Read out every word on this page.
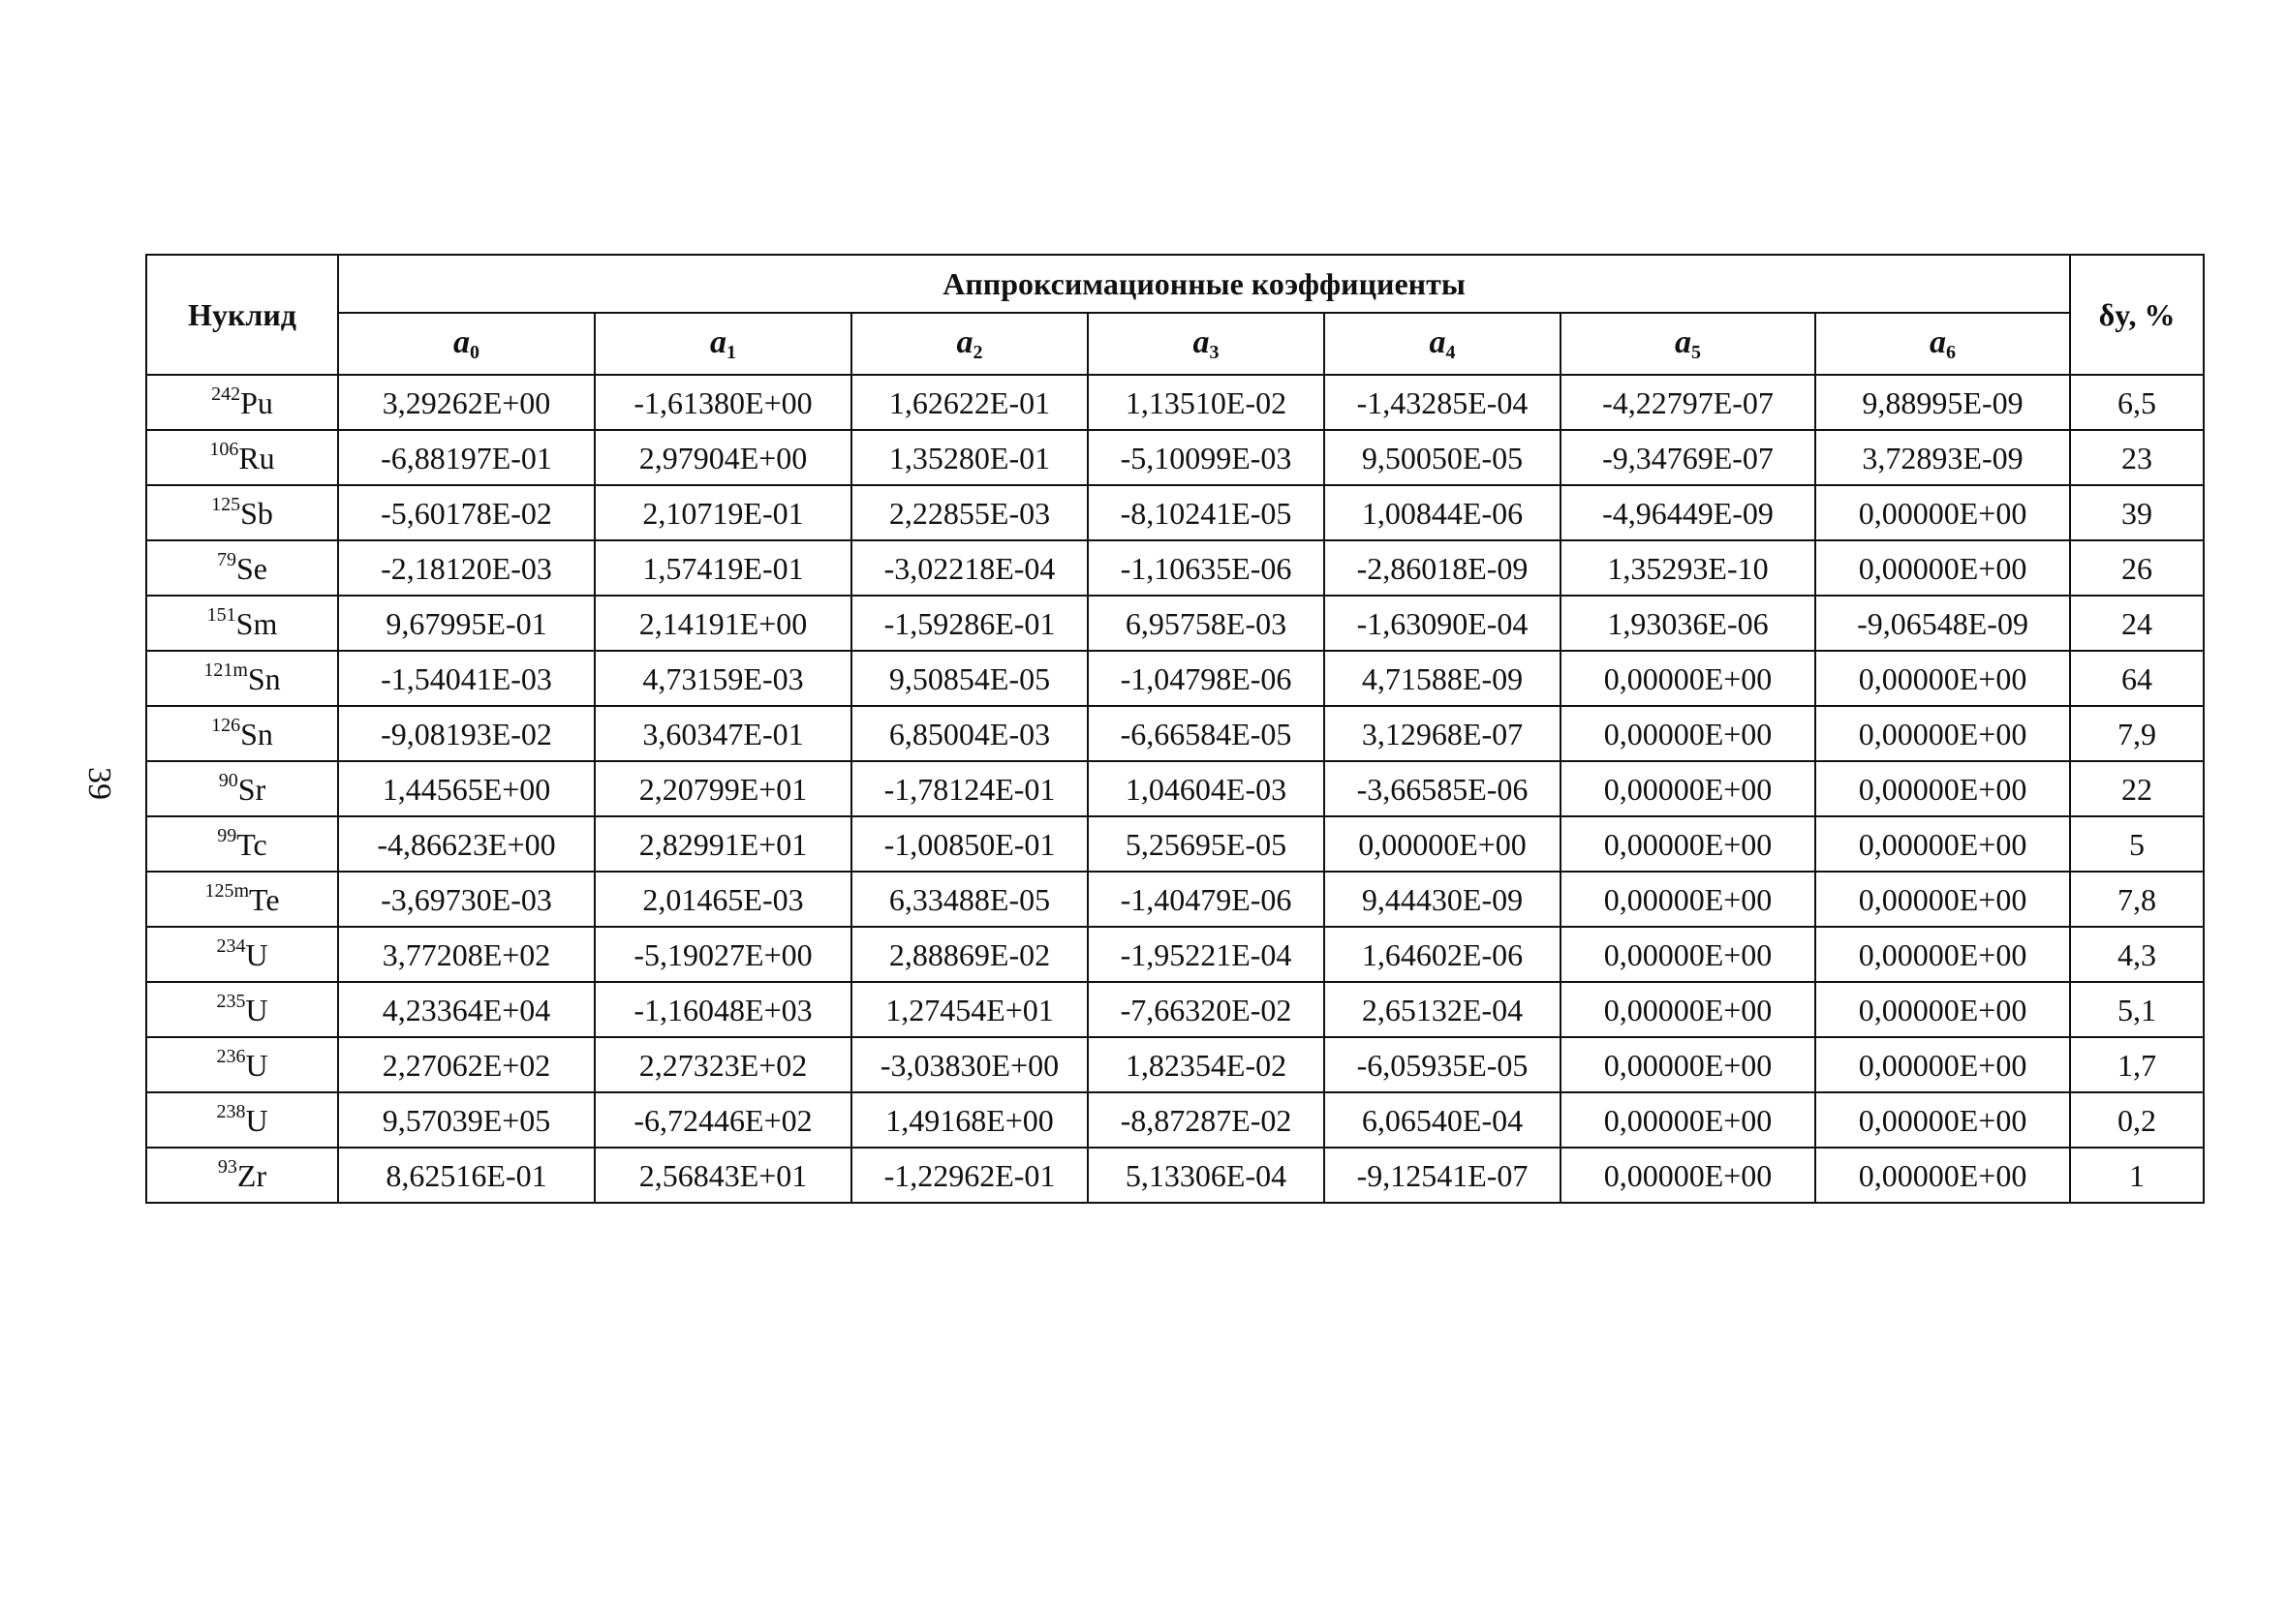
39
Нуклид	Аппроксимационные коэффициенты							δy, %
	$a_0$	$a_1$	$a_2$	$a_3$	$a_4$	$a_5$	$a_6$
$^{242}$Pu	3,29262E+00	-1,61380E+00	1,62622E-01	1,13510E-02	-1,43285E-04	-4,22797E-07	9,88995E-09	6,5
$^{106}$Ru	-6,88197E-01	2,97904E+00	1,35280E-01	-5,10099E-03	9,50050E-05	-9,34769E-07	3,72893E-09	23
$^{125}$Sb	-5,60178E-02	2,10719E-01	2,22855E-03	-8,10241E-05	1,00844E-06	-4,96449E-09	0,00000E+00	39
$^{79}$Se	-2,18120E-03	1,57419E-01	-3,02218E-04	-1,10635E-06	-2,86018E-09	1,35293E-10	0,00000E+00	26
$^{151}$Sm	9,67995E-01	2,14191E+00	-1,59286E-01	6,95758E-03	-1,63090E-04	1,93036E-06	-9,06548E-09	24
$^{121m}$Sn	-1,54041E-03	4,73159E-03	9,50854E-05	-1,04798E-06	4,71588E-09	0,00000E+00	0,00000E+00	64
$^{126}$Sn	-9,08193E-02	3,60347E-01	6,85004E-03	-6,66584E-05	3,12968E-07	0,00000E+00	0,00000E+00	7,9
$^{90}$Sr	1,44565E+00	2,20799E+01	-1,78124E-01	1,04604E-03	-3,66585E-06	0,00000E+00	0,00000E+00	22
$^{99}$Tc	-4,86623E+00	2,82991E+01	-1,00850E-01	5,25695E-05	0,00000E+00	0,00000E+00	0,00000E+00	5
$^{125m}$Te	-3,69730E-03	2,01465E-03	6,33488E-05	-1,40479E-06	9,44430E-09	0,00000E+00	0,00000E+00	7,8
$^{234}$U	3,77208E+02	-5,19027E+00	2,88869E-02	-1,95221E-04	1,64602E-06	0,00000E+00	0,00000E+00	4,3
$^{235}$U	4,23364E+04	-1,16048E+03	1,27454E+01	-7,66320E-02	2,65132E-04	0,00000E+00	0,00000E+00	5,1
$^{236}$U	2,27062E+02	2,27323E+02	-3,03830E+00	1,82354E-02	-6,05935E-05	0,00000E+00	0,00000E+00	1,7
$^{238}$U	9,57039E+05	-6,72446E+02	1,49168E+00	-8,87287E-02	6,06540E-04	0,00000E+00	0,00000E+00	0,2
$^{93}$Zr	8,62516E-01	2,56843E+01	-1,22962E-01	5,13306E-04	-9,12541E-07	0,00000E+00	0,00000E+00	1
